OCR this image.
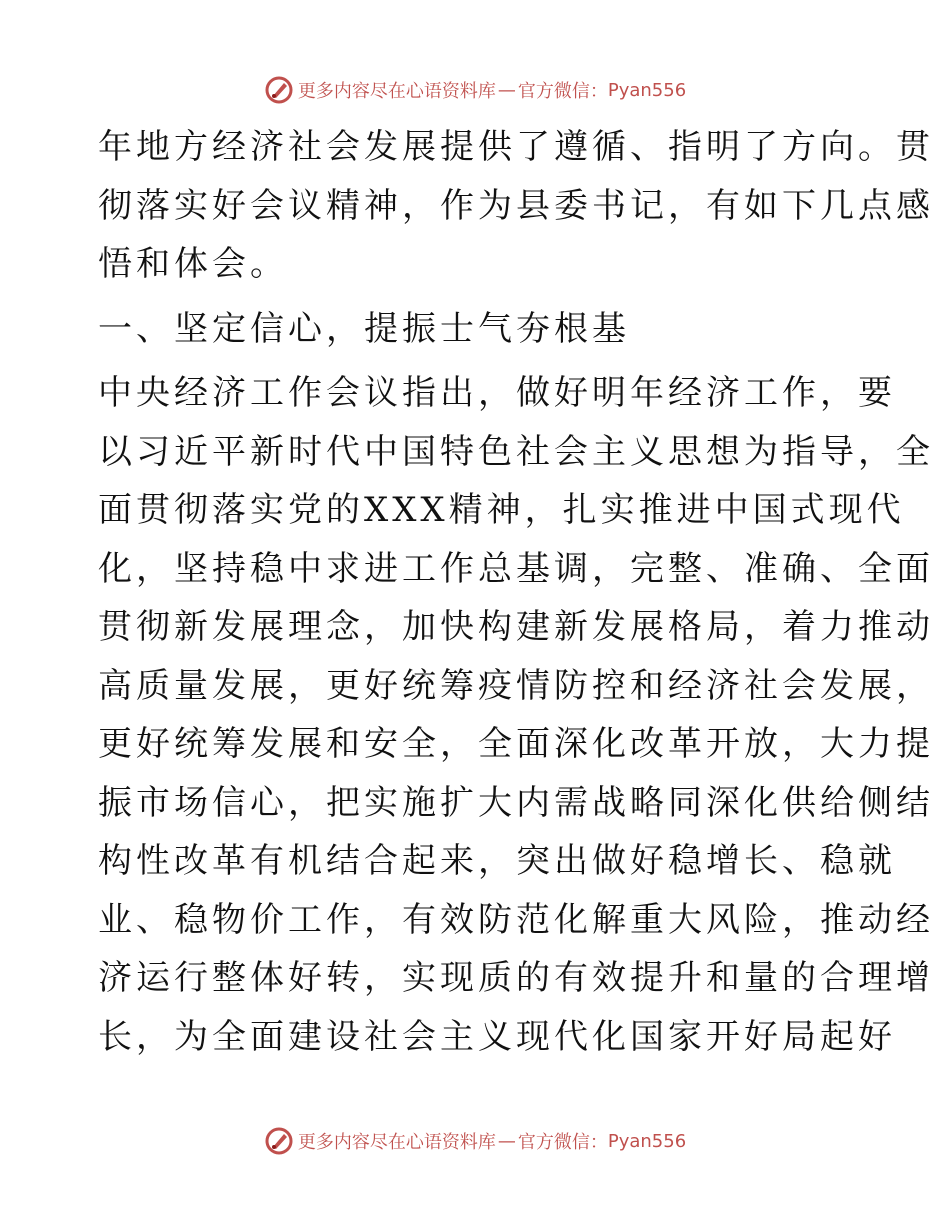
更多内容尽在心语资料库 — 官方微信： Pyan556
年地方经济社会发展提供了遵循、指明了方向。贯
彻落实好会议精神，作为县委书记，有如下几点感
悟和体会。
一、坚定信心，提振士气夯根基
中央经济工作会议指出，做好明年经济工作，要
以习近平新时代中国特色社会主义思想为指导，全
面贯彻落实党的XXX精神，扎实推进中国式现代
化，坚持稳中求进工作总基调，完整、准确、全面
贯彻新发展理念，加快构建新发展格局，着力推动
高质量发展，更好统筹疫情防控和经济社会发展，
更好统筹发展和安全，全面深化改革开放，大力提
振市场信心，把实施扩大内需战略同深化供给侧结
构性改革有机结合起来，突出做好稳增长、稳就
业、稳物价工作，有效防范化解重大风险，推动经
济运行整体好转，实现质的有效提升和量的合理增
长，为全面建设社会主义现代化国家开好局起好
更多内容尽在心语资料库 — 官方微信： Pyan556
